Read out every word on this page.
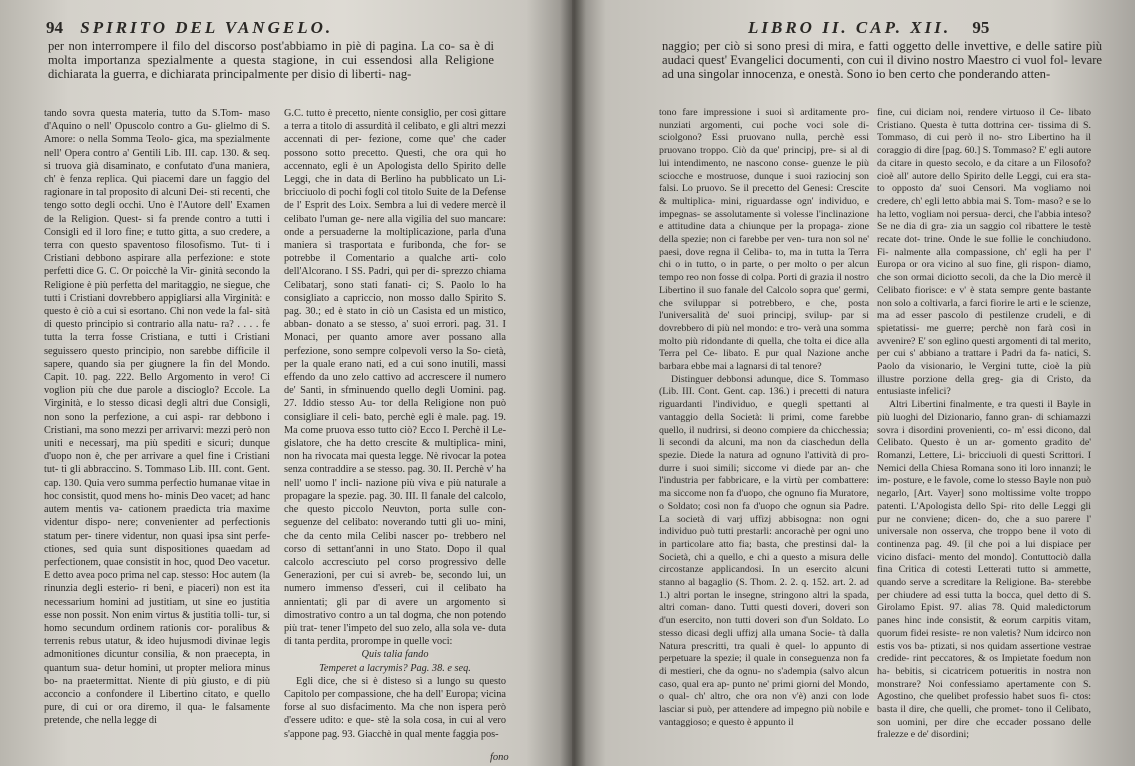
94 SPIRITO DEL VANGELO.
per non interrompere il filo del discorso post'abbiamo in piè di pagina. La co- sa è di molta importanza spezialmente a questa stagione, in cui essendosi alla Religione dichiarata la guerra, e dichiarata principalmente per disio di liberti- nag-

tando sovra questa materia, tutto da S.Tom- maso d'Aquino o nell' Opuscolo contro a Gu- glielmo di S. Amore: o nella Somma Teolo- gica, ma spezialmente nell' Opera contro a' Gentili Lib. III. cap. 130. & seq. si truova già disaminato, e confutato d'una maniera, ch' è fenza replica. Quì piacemi dare un faggio del ragionare in tal proposito di alcuni Dei- sti recenti, che tengo sotto degli occhi. Uno è l'Autore dell' Examen de la Religion. Quest- si fa prende contro a tutti i Consigli ed il loro fine; e tutto gitta, a suo credere, a terra con questo spaventoso filosofismo. Tut- ti i Cristiani debbono aspirare alla perfezione: e stote perfetti dice G. C. Or poicchè la Vir- ginità secondo la Religione è più perfetta del maritaggio, ne siegue, che tutti i Cristiani dovrebbero appigliarsi alla Virginità: e questo è ciò a cui si esortano. Chi non vede la fal- sità di questo principio sì contrario alla natu- ra? . . . . fe tutta la terra fosse Cristiana, e tutti i Cristiani seguissero questo principio, non sarebbe difficile il sapere, quando sia per giugnere la fin del Mondo. Capit. 10. pag. 222. Bello Argomento in vero! Ci voglion più che due parole a discioglo? Eccole. La Virginità, e lo stesso dicasi degli altri due Consigli, non sono la perfezione, a cui aspi- rar debbono i Cristiani, ma sono mezzi per arrivarvi: mezzi però non uniti e necessarj, ma più spediti e sicuri; dunque d'uopo non è, che per arrivare a quel fine i Cristiani tut- ti gli abbraccino. S. Tommaso Lib. III. cont. Gent. cap. 130. Quia vero summa perfectio humanae vitae in hoc consistit, quod mens ho- minis Deo vacet; ad hanc autem mentis va- cationem praedicta tria maxime videntur dispo- nere; convenienter ad perfectionis statum per- tinere videntur, non quasi ipsa sint perfe- ctiones, sed quia sunt dispositiones quaedam ad perfectionem, quae consistit in hoc, quod Deo vacetur. E detto avea poco prima nel cap. stesso: Hoc autem (la rinunzia degli esterio- ri beni, e piaceri) non est ita necessarium homini ad justitiam, ut sine eo justitia esse non possit. Non enim virtus & justitia tolli- tur, si homo secundum ordinem rationis cor- poralibus & terrenis rebus utatur, & ideo hujusmodi divinae legis admonitiones dicuntur consilia, & non praecepta, in quantum sua- detur homini, ut propter meliora minus bo- na praetermittat. Niente di più giusto, e di più acconcio a confondere il Libertino citato, e quello pure, di cui or ora diremo, il qua- le falsamente pretende, che nella legge di

G.C. tutto è precetto, niente consiglio, per così gittare a terra a titolo di assurdità il celibato, e gli altri mezzi accennati di per- fezione, come que' che cader possono sotto precetto. Questi, che ora quì ho accennato, egli è un Apologista dello Spirito delle Leggi, che in data di Berlino ha pubblicato un Li- bricciuolo di pochi fogli col titolo Suite de la Defense de l' Esprit des Loix. Sembra a lui di vedere mercè il celibato l'uman ge- nere alla vigilia del suo mancare: onde a persuaderne la moltiplicazione, parla d'una maniera sì trasportata e furibonda, che for- se potrebbe il Comentario a qualche arti- colo dell'Alcorano. I SS. Padri, quì per di- sprezzo chiama Celibatarj, sono stati fanati- ci; S. Paolo lo ha consigliato a capriccio, non mosso dallo Spirito S. pag. 30.; ed è stato in ciò un Casista ed un mistico, abban- donato a se stesso, a' suoi errori. pag. 31. I Monaci, per quanto amore aver possano alla perfezione, sono sempre colpevoli verso la So- cietà, per la quale erano nati, ed a cui sono inutili, massi effendo da uno zelo cattivo ad accrescere il numero de' Santi, in sfminuendo quello degli Uomini. pag. 27. Iddio stesso Au- tor della Religione non può consigliare il celi- bato, perchè egli è male. pag. 19. Ma come pruova esso tutto ciò? Ecco I. Perchè il Le- gislatore, che ha detto crescite & multiplica- mini, non ha rivocata mai questa legge. Nè rivocar la potea senza contraddire a se stesso. pag. 30. II. Perchè v' ha nell' uomo l' incli- nazione più viva e più naturale a propagare la spezie. pag. 30. III. Il fanale del calcolo, che questo piccolo Neuvton, porta sulle con- seguenze del celibato: noverando tutti gli uo- mini, che da cento mila Celibi nascer po- trebbero nel corso di settant'anni in uno Stato. Dopo il qual calcolo accresciuto pel corso progressivo delle Generazioni, per cui si avreb- be, secondo lui, un numero immenso d'esseri, cui il celibato ha annientati; gli par di avere un argomento sì dimostrativo contro a un tal dogma, che non potendo più trat- tener l'impeto del suo zelo, alla sola ve- duta di tanta perdita, prorompe in quelle voci:

Quis talia fando

Temperet a lacrymis? Pag. 38. e seq.

Egli dice, che si è disteso sì a lungo su questo Capitolo per compassione, che ha dell' Europa; vicina forse al suo disfacimento. Ma che non ispera però d'essere udito: e que- stè la sola cosa, in cui al vero s'appone pag. 93. Giacchè in qual mente faggia pos-

fono
LIBRO II. CAP. XII. 95
naggio; per ciò si sono presi di mira, e fatti oggetto delle invettive, e delle satire più audaci quest' Evangelici documenti, con cui il divino nostro Maestro ci vuol fol- levare ad una singolar innocenza, e onestà. Sono io ben certo che ponderando atten-

tono fare impressione i suoi sì arditamente pro- nunziati argomenti, cui poche voci sole di- sciolgono? Essi pruovano nulla, perchè essi pruovano troppo. Ciò da que' principj, pre- si al di lui intendimento, ne nascono conse- guenze le più sciocche e mostruose, dunque i suoi raziocinj son falsi. Lo pruovo. Se il precetto del Genesi: Crescite & multiplica- mini, riguardasse ogn' individuo, e impegnas- se assolutamente sì volesse l'inclinazione e attitudine data a chiunque per la propaga- zione della spezie; non ci farebbe per ven- tura non sol ne' paesi, dove regna il Celiba- to, ma in tutta la Terra chi o in tutto, o in parte, o per molto o per alcun tempo reo non fosse di colpa. Porti di grazia il nostro Libertino il suo fanale del Calcolo sopra que' germi, che sviluppar si potrebbero, e che, posta l'universalità de' suoi principj, svilup- par si dovrebbero di più nel mondo: e tro- verà una somma molto più ridondante di quella, che tolta ei dice alla Terra pel Ce- libato. E pur qual Nazione anche barbara ebbe mai a lagnarsi di tal tenore?

Distinguer debbonsi adunque, dice S. Tommaso (Lib. III. Cont. Gent. cap. 136.) i precetti di natura riguardanti l'individuo, e quegli spettanti al vantaggio della Società: li primi, come farebbe quello, il nudrirsi, si deono compiere da chicchessia; li secondi da alcuni, ma non da ciaschedun della spezie. Diede la natura ad ognuno l'attività di pro- durre i suoi simili; siccome vi diede par an- che l'industria per fabbricare, e la virtù per combattere: ma siccome non fa d'uopo, che ognuno fia Muratore, o Soldato; così non fa d'uopo che ognun sia Padre. La società di varj uffizj abbisogna: non ogni individuo può tutti prestarli: ancorachè per ogni uno in particolare atto fia; basta, che prestinsi dal- la Società, chi a quello, e chi a questo a misura delle circostanze applicandosi. In un esercito alcuni stanno al bagaglio (S. Thom. 2. 2. q. 152. art. 2. ad 1.) altri portan le insegne, stringono altri la spada, altri coman- dano. Tutti questi doveri, doveri son d'un esercito, non tutti doveri son d'un Soldato. Lo stesso dicasi degli uffizj alla umana Socie- tà dalla Natura prescritti, tra quali è quel- lo appunto di perpetuare la spezie; il quale in conseguenza non fa di mestieri, che da ognu- no s'adempia (salvo alcun caso, qual era ap- punto ne' primi giorni del Mondo, o qual- ch' altro, che ora non v'è) anzi con lode lasciar si può, per attendere ad impegno più nobile e vantaggioso; e questo è appunto il

fine, cui diciam noi, rendere virtuoso il Ce- libato Cristiano. Questa è tutta dottrina cer- tissima di S. Tommaso, di cui però il no- stro Libertino ha il coraggio di dire [pag. 60.] S. Tommaso? E' egli autore da citare in questo secolo, e da citare a un Filosofo? cioè all' autore dello Spirito delle Leggi, cui era sta- to opposto da' suoi Censori. Ma vogliamo noi credere, ch' egli letto abbia mai S. Tom- maso? e se lo ha letto, vogliam noi persua- derci, che l'abbia inteso? Se ne dia di gra- zia un saggio col ribattere le testè recate dot- trine. Onde le sue follie le conchiudono. Fi- nalmente alla compassione, ch' egli ha per l' Europa or ora vicino al suo fine, gli rispon- diamo, che son ormai diciotto secoli, da che la Dio mercè il Celibato fiorisce: e v' è stata sempre gente bastante non solo a coltivarla, a farci fiorire le arti e le scienze, ma ad esser pascolo di pestilenze crudeli, e di spietatissi- me guerre; perchè non farà così in avvenire? E' son eglino questi argomenti di tal merito, per cui s' abbiano a trattare i Padri da fa- natici, S. Paolo da visionario, le Vergini tutte, cioè la più illustre porzione della greg- gia di Cristo, da entusiaste infelici?

Altri Libertini finalmente, e tra questi il Bayle in più luoghi del Dizionario, fanno gran- di schiamazzi sovra i disordini provenienti, co- m' essi dicono, dal Celibato. Questo è un ar- gomento gradito de' Romanzi, Lettere, Li- bricciuoli di questi Scrittori. I Nemici della Chiesa Romana sono iti loro innanzi; le im- posture, e le favole, come lo stesso Bayle non può negarlo, [Art. Vayer] sono moltissime volte troppo patenti. L'Apologista dello Spi- rito delle Leggi gli pur ne conviene; dicen- do, che a suo parere l' universale non osserva, che troppo bene il voto di continenza pag. 49. [il che poi a lui dispiace per vicino disfaci- mento del mondo]. Contuttociò dalla fina Critica di cotesti Letterati tutto si ammette, quando serve a screditare la Religione. Ba- sterebbe per chiudere ad essi tutta la bocca, quel detto di S. Girolamo Epist. 97. alias 78. Quid maledictorum panes hinc inde consistit, & eorum carpitis vitam, quorum fidei resiste- re non valetis? Num idcirco non estis vos ba- ptizati, si nos quidam assertione vestrae credide- rint peccatores, & os Impietate foedum non ha- bebitis, si cicatricem potueritis in nostra non monstrare? Noi confessiamo apertamente con S. Agostino, che quelibet professio habet suos fi- ctos: basta il dire, che quelli, che promet- tono il Celibato, son uomini, per dire che eccader possano delle fralezze e de' disordini;
